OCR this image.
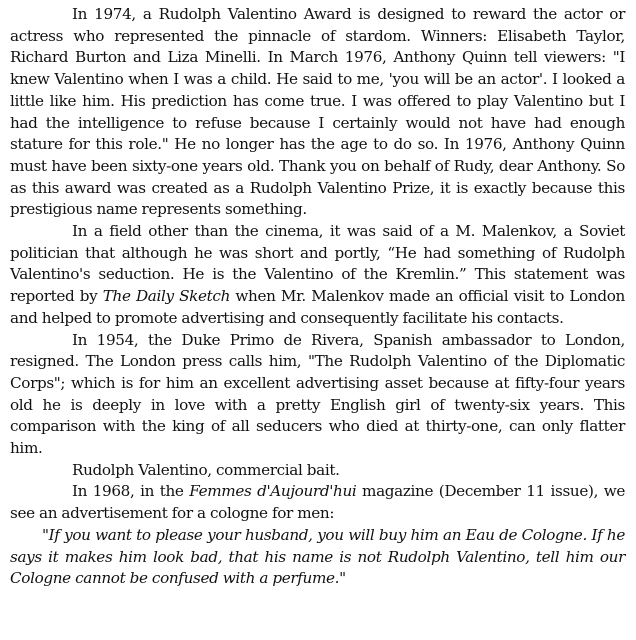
In 1974, a Rudolph Valentino Award is designed to reward the actor or actress who represented the pinnacle of stardom. Winners: Elisabeth Taylor, Richard Burton and Liza Minelli. In March 1976, Anthony Quinn tell viewers: "I knew Valentino when I was a child. He said to me, 'you will be an actor'. I looked a little like him. His prediction has come true. I was offered to play Valentino but I had the intelligence to refuse because I certainly would not have had enough stature for this role." He no longer has the age to do so. In 1976, Anthony Quinn must have been sixty-one years old. Thank you on behalf of Rudy, dear Anthony. So as this award was created as a Rudolph Valentino Prize, it is exactly because this prestigious name represents something.

In a field other than the cinema, it was said of a M. Malenkov, a Soviet politician that although he was short and portly, “He had something of Rudolph Valentino's seduction. He is the Valentino of the Kremlin.” This statement was reported by The Daily Sketch when Mr. Malenkov made an official visit to London and helped to promote advertising and consequently facilitate his contacts.

In 1954, the Duke Primo de Rivera, Spanish ambassador to London, resigned. The London press calls him, "The Rudolph Valentino of the Diplomatic Corps"; which is for him an excellent advertising asset because at fifty-four years old he is deeply in love with a pretty English girl of twenty-six years. This comparison with the king of all seducers who died at thirty-one, can only flatter him.

Rudolph Valentino, commercial bait.

In 1968, in the Femmes d'Aujourd'hui magazine (December 11 issue), we see an advertisement for a cologne for men:

"If you want to please your husband, you will buy him an Eau de Cologne. If he says it makes him look bad, that his name is not Rudolph Valentino, tell him our Cologne cannot be confused with a perfume."
